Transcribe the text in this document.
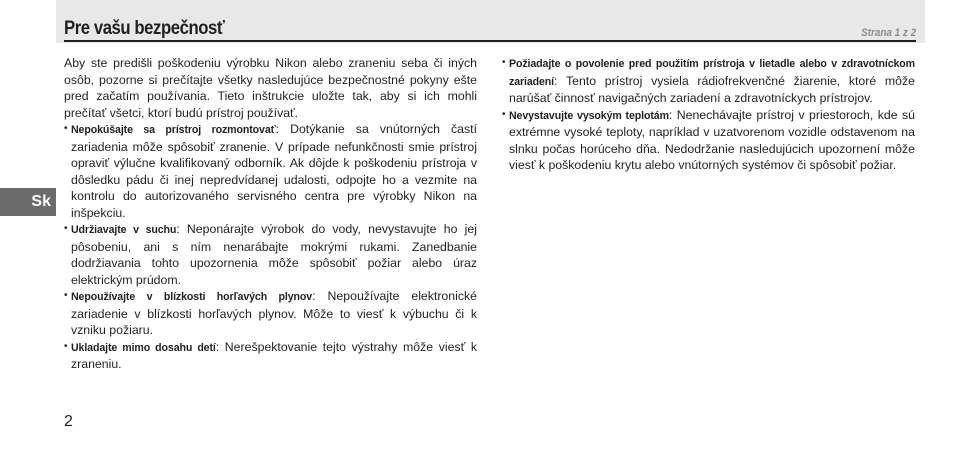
Pre vašu bezpečnosť	Strana 1 z 2
Sk

Aby ste predišli poškodeniu výrobku Nikon alebo zraneniu seba či iných osôb, pozorne si prečítajte všetky nasledujúce bezpečnostné pokyny ešte pred začatím používania. Tieto inštrukcie uložte tak, aby si ich mohli prečítať všetci, ktorí budú prístroj používať.

• Nepokúšajte sa prístroj rozmontovať: Dotýkanie sa vnútorných častí zariadenia môže spôsobiť zranenie. V prípade nefunkčnosti smie prístroj opraviť výlučne kvalifikovaný odborník. Ak dôjde k poškodeniu prístroja v dôsledku pádu či inej nepredvídanej udalosti, odpojte ho a vezmite na kontrolu do autorizovaného servisného centra pre výrobky Nikon na inšpekciu.
• Udržiavajte v suchu: Neponárajte výrobok do vody, nevystavujte ho jej pôsobeniu, ani s ním nenarábajte mokrými rukami. Zanedbanie dodržiavania tohto upozornenia môže spôsobiť požiar alebo úraz elektrickým prúdom.
• Nepoužívajte v blízkosti horľavých plynov: Nepoužívajte elektronické zariadenie v blízkosti horľavých plynov. Môže to viesť k výbuchu či k vzniku požiaru.
• Ukladajte mimo dosahu detí: Nerešpektovanie tejto výstrahy môže viesť k zraneniu.
• Požiadajte o povolenie pred použitím prístroja v lietadle alebo v zdravotníckom zariadení: Tento prístroj vysiela rádiofrekvenčné žiarenie, ktoré môže narúšať činnosť navigačných zariadení a zdravotníckych prístrojov.
• Nevystavujte vysokým teplotám: Nenechávajte prístroj v priestoroch, kde sú extrémne vysoké teploty, napríklad v uzatvorenom vozidle odstavenom na slnku počas horúceho dňa. Nedodržanie nasledujúcich upozornení môže viesť k poškodeniu krytu alebo vnútorných systémov či spôsobiť požiar.
2
